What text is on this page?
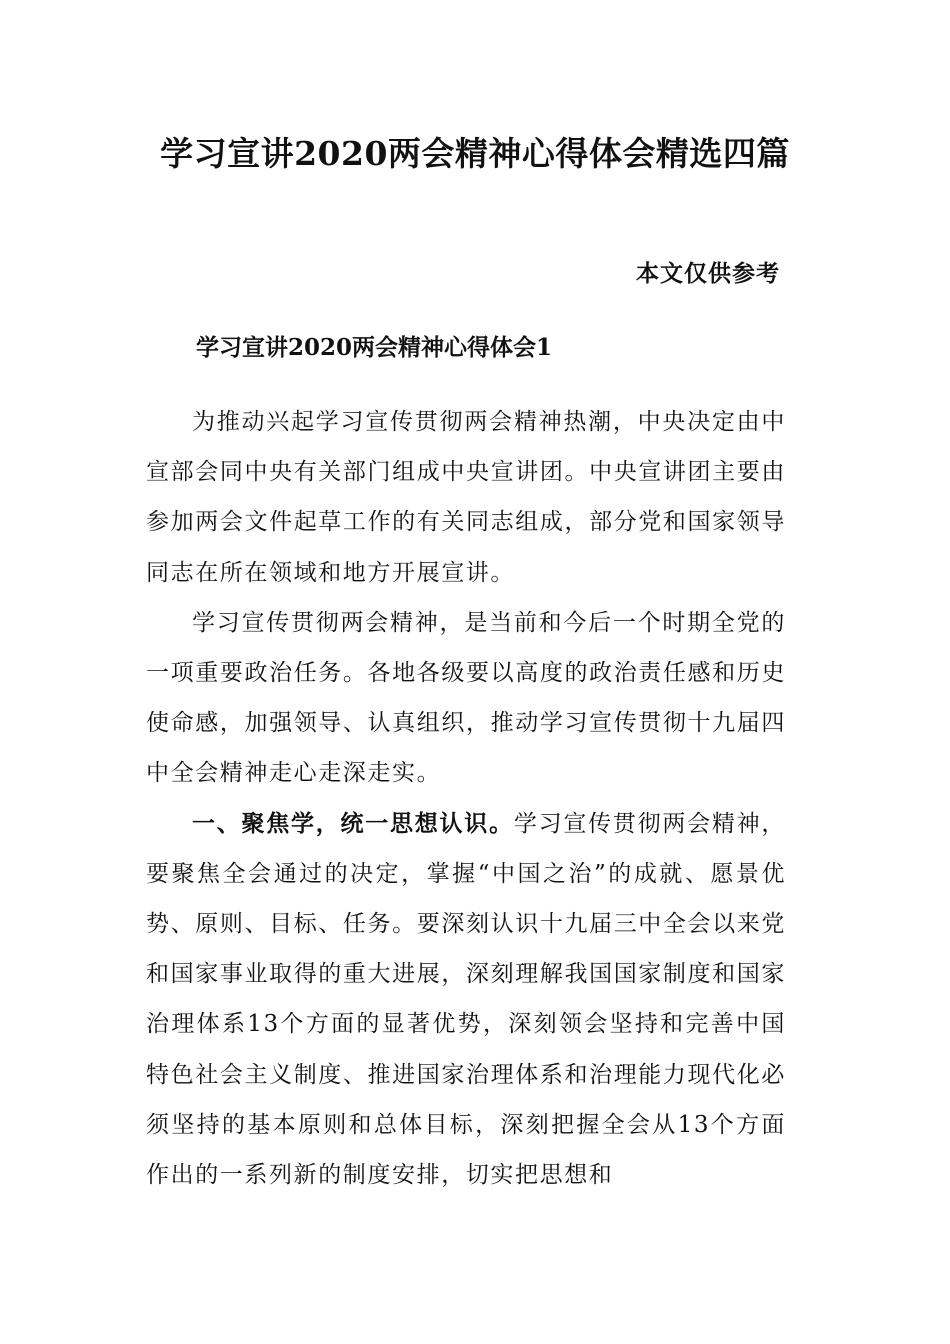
学习宣讲2020两会精神心得体会精选四篇
本文仅供参考
学习宣讲2020两会精神心得体会1

为推动兴起学习宣传贯彻两会精神热潮，中央决定由中宣部会同中央有关部门组成中央宣讲团。中央宣讲团主要由参加两会文件起草工作的有关同志组成，部分党和国家领导同志在所在领域和地方开展宣讲。

学习宣传贯彻两会精神，是当前和今后一个时期全党的一项重要政治任务。各地各级要以高度的政治责任感和历史使命感，加强领导、认真组织，推动学习宣传贯彻十九届四中全会精神走心走深走实。

一、聚焦学，统一思想认识。学习宣传贯彻两会精神，要聚焦全会通过的决定，掌握“中国之治”的成就、愿景优势、原则、目标、任务。要深刻认识十九届三中全会以来党和国家事业取得的重大进展，深刻理解我国国家制度和国家治理体系13个方面的显著优势，深刻领会坚持和完善中国特色社会主义制度、推进国家治理体系和治理能力现代化必须坚持的基本原则和总体目标，深刻把握全会从13个方面作出的一系列新的制度安排，切实把思想和
